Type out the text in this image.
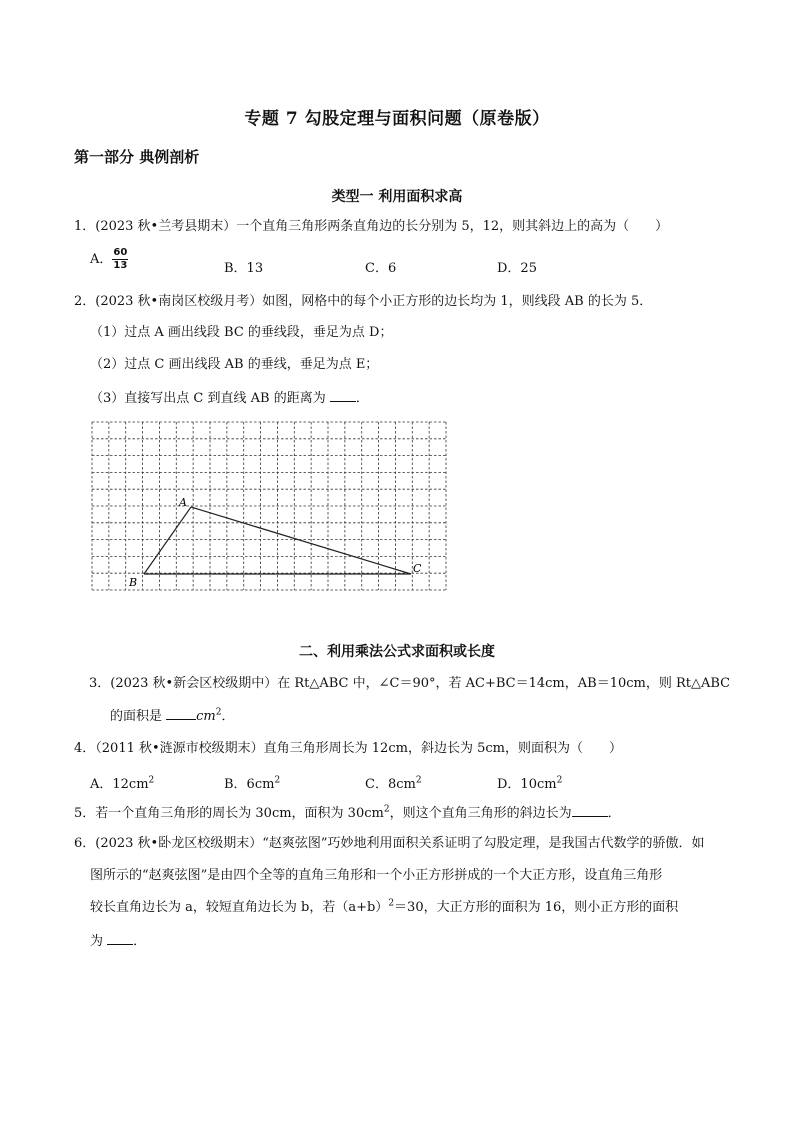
专题 7 勾股定理与面积问题（原卷版）
第一部分 典例剖析
类型一 利用面积求高
1．(2023 秋•兰考县期末）一个直角三角形两条直角边的长分别为 5，12，则其斜边上的高为（　　）
A． $\frac{60}{13}$	B．13	C．6	D．25
2．(2023 秋•南岗区校级月考）如图，网格中的每个小正方形的边长均为 1，则线段 AB 的长为 5．
（1）过点 A 画出线段 BC 的垂线段，垂足为点 D；
（2）过点 C 画出线段 AB 的垂线，垂足为点 E；
（3）直接写出点 C 到直线 AB 的距离为 ．
A
B
C
二、利用乘法公式求面积或长度
3．(2023 秋•新会区校级期中）在 Rt△ABC 中，∠C＝90°，若 AC+BC＝14cm，AB＝10cm，则 Rt△ABC
的面积是 $cm^2$．
4．（2011 秋•涟源市校级期末）直角三角形周长为 12cm，斜边长为 5cm，则面积为（　　）
A．$12cm^2$	B．$6cm^2$	C．$8cm^2$	D．$10cm^2$
5．若一个直角三角形的周长为 30cm，面积为 $30cm^2$，则这个直角三角形的斜边长为	．
6．(2023 秋•卧龙区校级期末）“赵爽弦图”巧妙地利用面积关系证明了勾股定理，是我国古代数学的骄傲．如
图所示的“赵爽弦图”是由四个全等的直角三角形和一个小正方形拼成的一个大正方形，设直角三角形
较长直角边长为 a，较短直角边长为 b，若$(a+b)^2=30$，大正方形的面积为 16，则小正方形的面积
为 ．
